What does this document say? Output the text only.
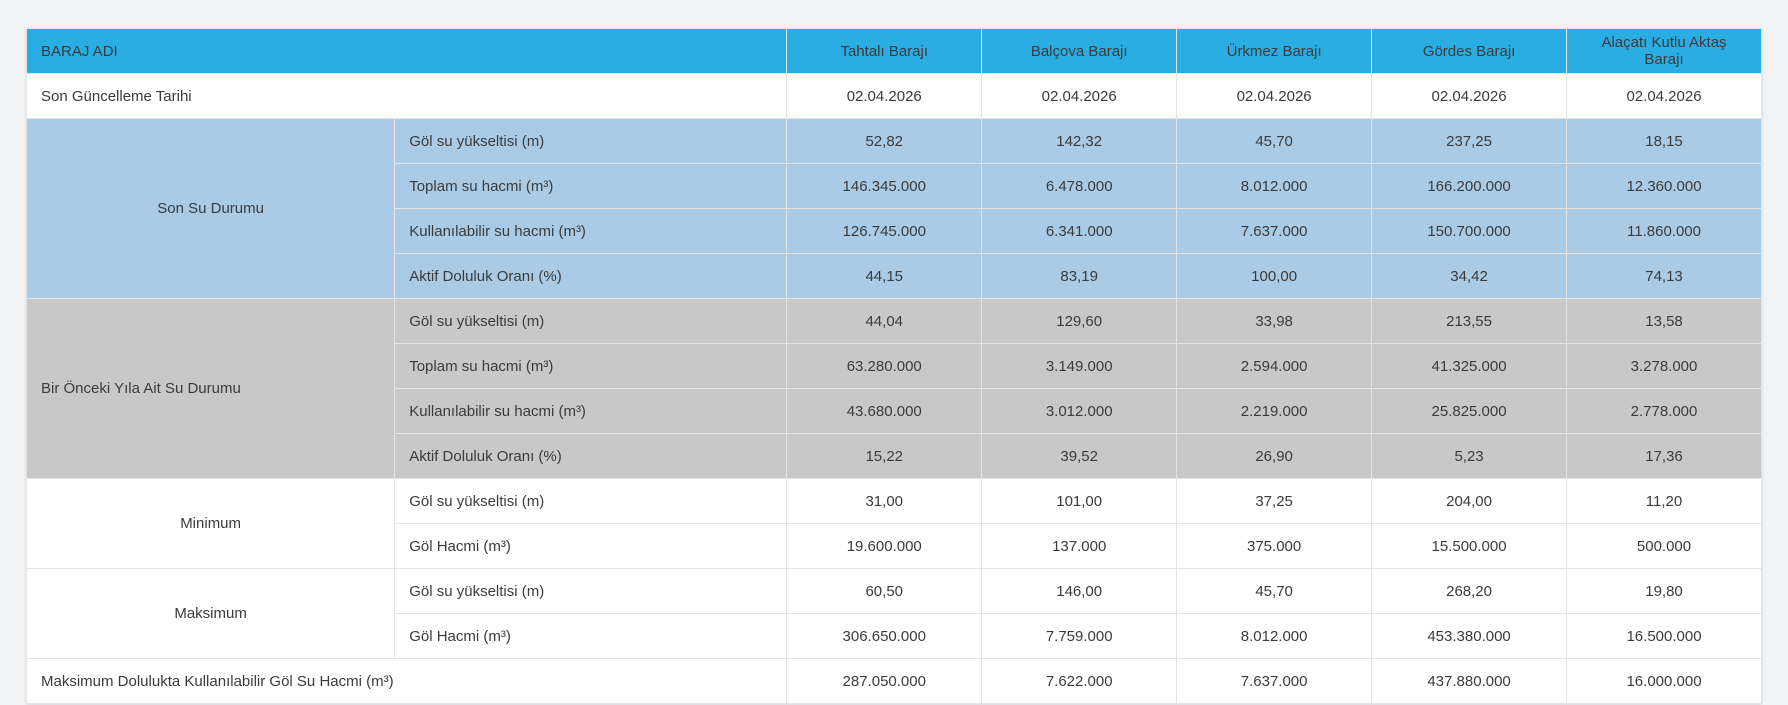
BARAJ ADI		Tahtalı Barajı	Balçova Barajı	Ürkmez Barajı	Gördes Barajı	Alaçatı Kutlu Aktaş Barajı
Son Güncelleme Tarihi		02.04.2026	02.04.2026	02.04.2026	02.04.2026	02.04.2026
Son Su Durumu	Göl su yükseltisi (m)	52,82	142,32	45,70	237,25	18,15
	Toplam su hacmi (m³)	146.345.000	6.478.000	8.012.000	166.200.000	12.360.000
	Kullanılabilir su hacmi (m³)	126.745.000	6.341.000	7.637.000	150.700.000	11.860.000
	Aktif Doluluk Oranı (%)	44,15	83,19	100,00	34,42	74,13
Bir Önceki Yıla Ait Su Durumu	Göl su yükseltisi (m)	44,04	129,60	33,98	213,55	13,58
	Toplam su hacmi (m³)	63.280.000	3.149.000	2.594.000	41.325.000	3.278.000
	Kullanılabilir su hacmi (m³)	43.680.000	3.012.000	2.219.000	25.825.000	2.778.000
	Aktif Doluluk Oranı (%)	15,22	39,52	26,90	5,23	17,36
Minimum	Göl su yükseltisi (m)	31,00	101,00	37,25	204,00	11,20
	Göl Hacmi (m³)	19.600.000	137.000	375.000	15.500.000	500.000
Maksimum	Göl su yükseltisi (m)	60,50	146,00	45,70	268,20	19,80
	Göl Hacmi (m³)	306.650.000	7.759.000	8.012.000	453.380.000	16.500.000
Maksimum Dolulukta Kullanılabilir Göl Su Hacmi (m³)		287.050.000	7.622.000	7.637.000	437.880.000	16.000.000
